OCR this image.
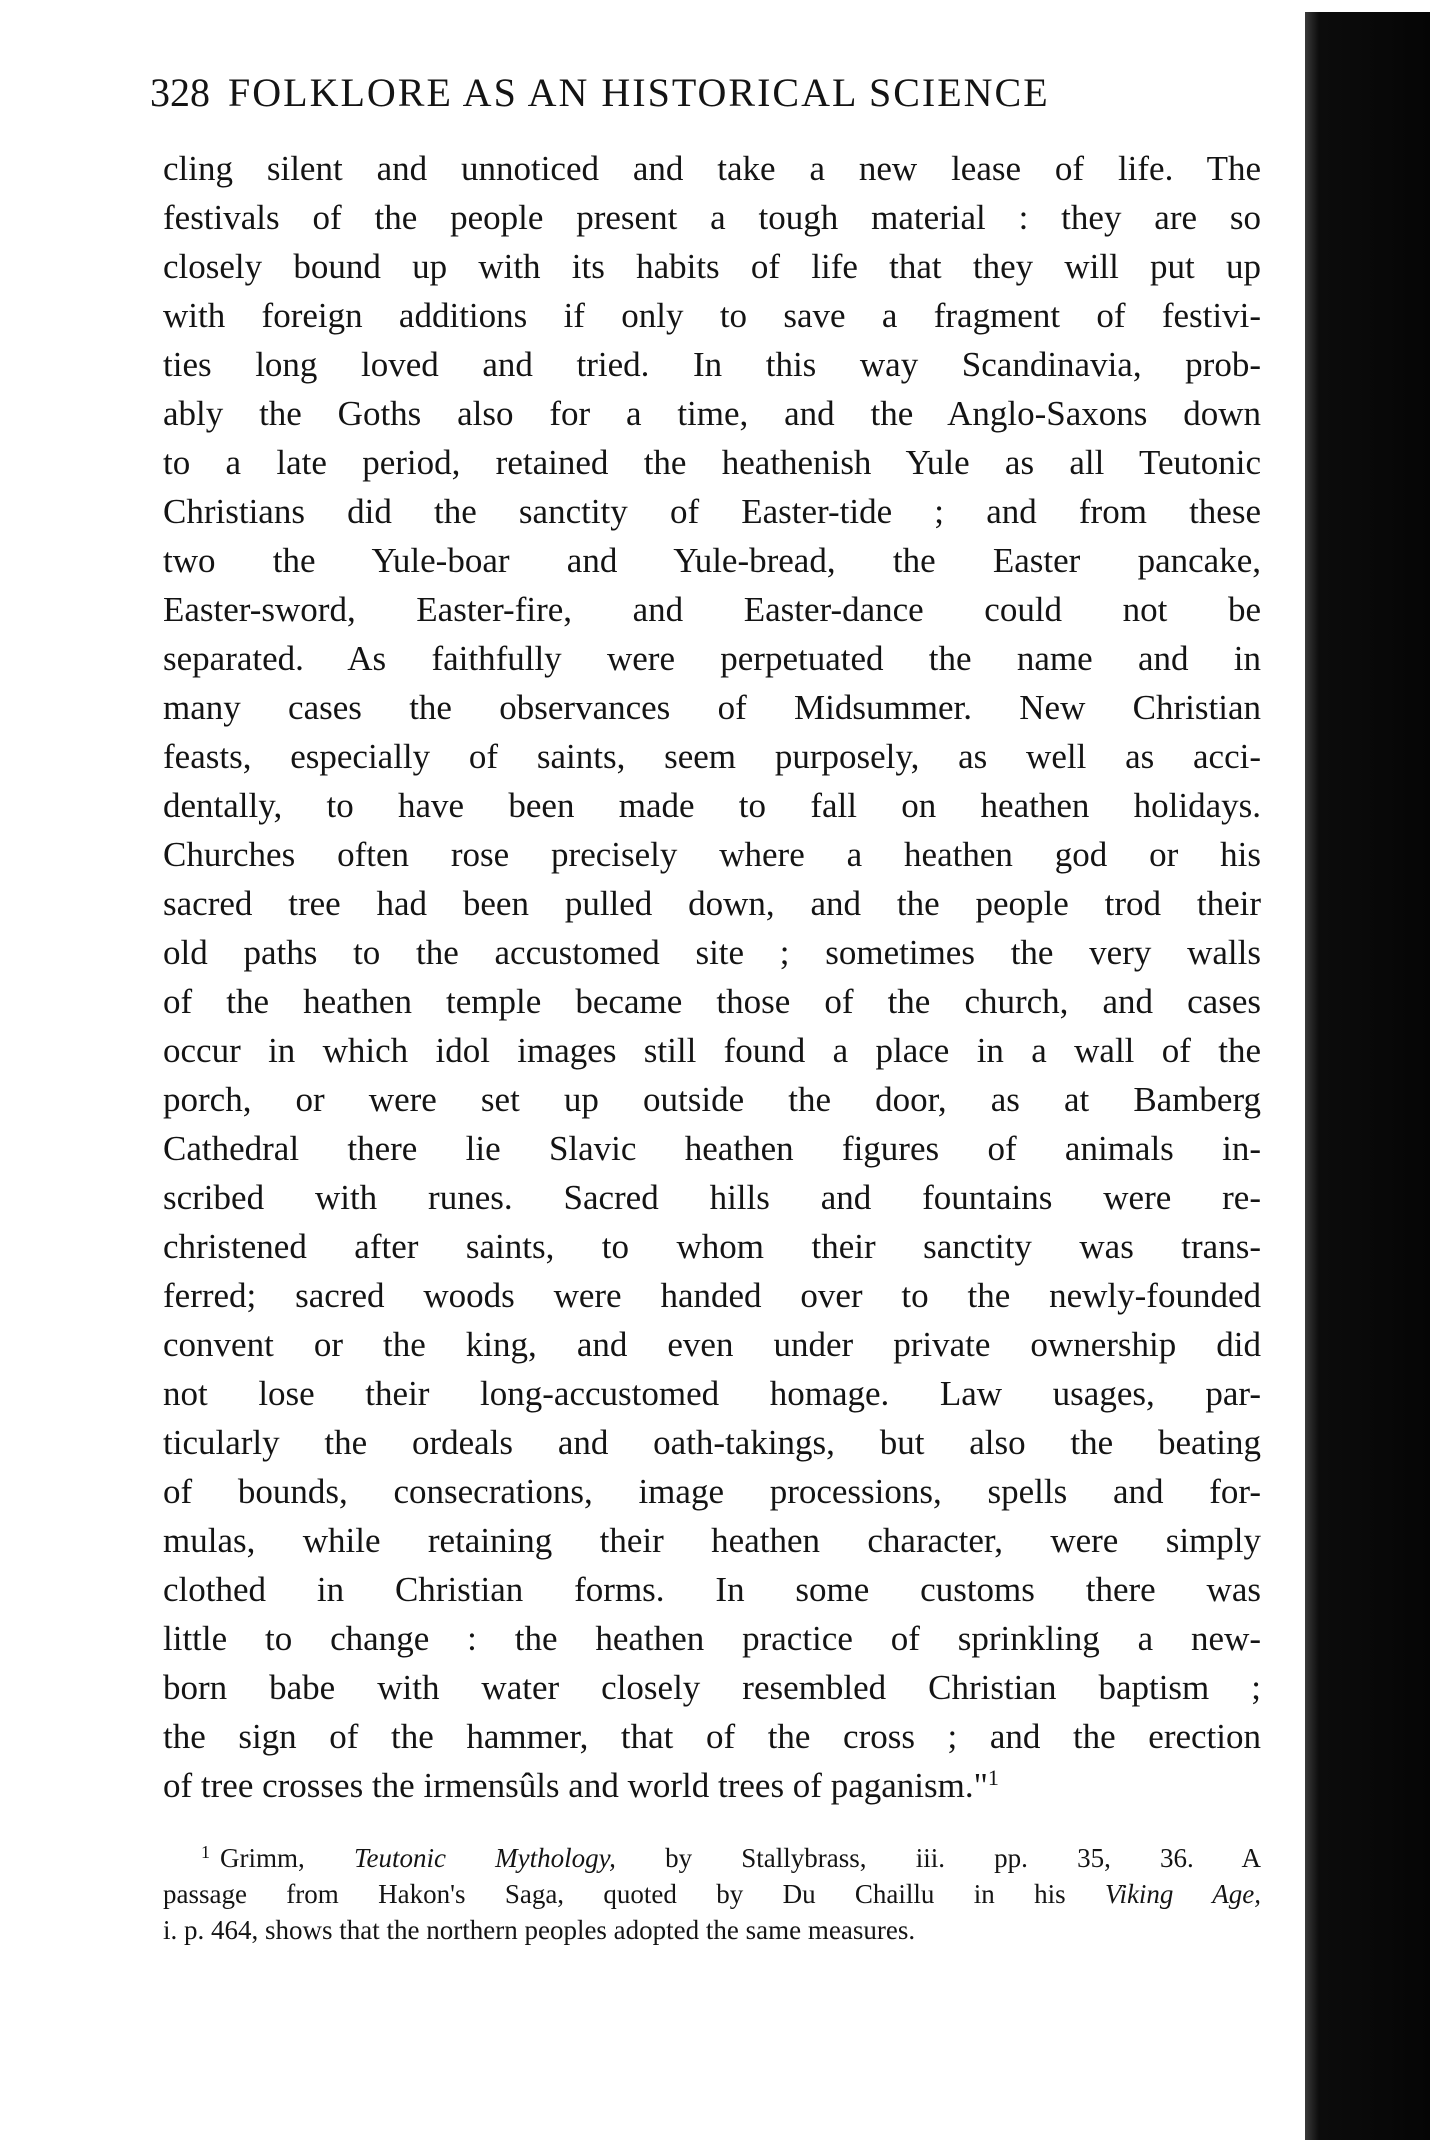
328 FOLKLORE AS AN HISTORICAL SCIENCE
cling silent and unnoticed and take a new lease of life. The
festivals of the people present a tough material : they are so
closely bound up with its habits of life that they will put up
with foreign additions if only to save a fragment of festivi-
ties long loved and tried. In this way Scandinavia, prob-
ably the Goths also for a time, and the Anglo-Saxons down
to a late period, retained the heathenish Yule as all Teutonic
Christians did the sanctity of Easter-tide ; and from these
two the Yule-boar and Yule-bread, the Easter pancake,
Easter-sword, Easter-fire, and Easter-dance could not be
separated. As faithfully were perpetuated the name and in
many cases the observances of Midsummer. New Christian
feasts, especially of saints, seem purposely, as well as acci-
dentally, to have been made to fall on heathen holidays.
Churches often rose precisely where a heathen god or his
sacred tree had been pulled down, and the people trod their
old paths to the accustomed site ; sometimes the very walls
of the heathen temple became those of the church, and cases
occur in which idol images still found a place in a wall of the
porch, or were set up outside the door, as at Bamberg
Cathedral there lie Slavic heathen figures of animals in-
scribed with runes. Sacred hills and fountains were re-
christened after saints, to whom their sanctity was trans-
ferred; sacred woods were handed over to the newly-founded
convent or the king, and even under private ownership did
not lose their long-accustomed homage. Law usages, par-
ticularly the ordeals and oath-takings, but also the beating
of bounds, consecrations, image processions, spells and for-
mulas, while retaining their heathen character, were simply
clothed in Christian forms. In some customs there was
little to change : the heathen practice of sprinkling a new-
born babe with water closely resembled Christian baptism ;
the sign of the hammer, that of the cross ; and the erection
of tree crosses the irmensûls and world trees of paganism."$^1$
$^1$ Grimm, Teutonic Mythology, by Stallybrass, iii. pp. 35, 36. A
passage from Hakon's Saga, quoted by Du Chaillu in his Viking Age,
i. p. 464, shows that the northern peoples adopted the same measures.
